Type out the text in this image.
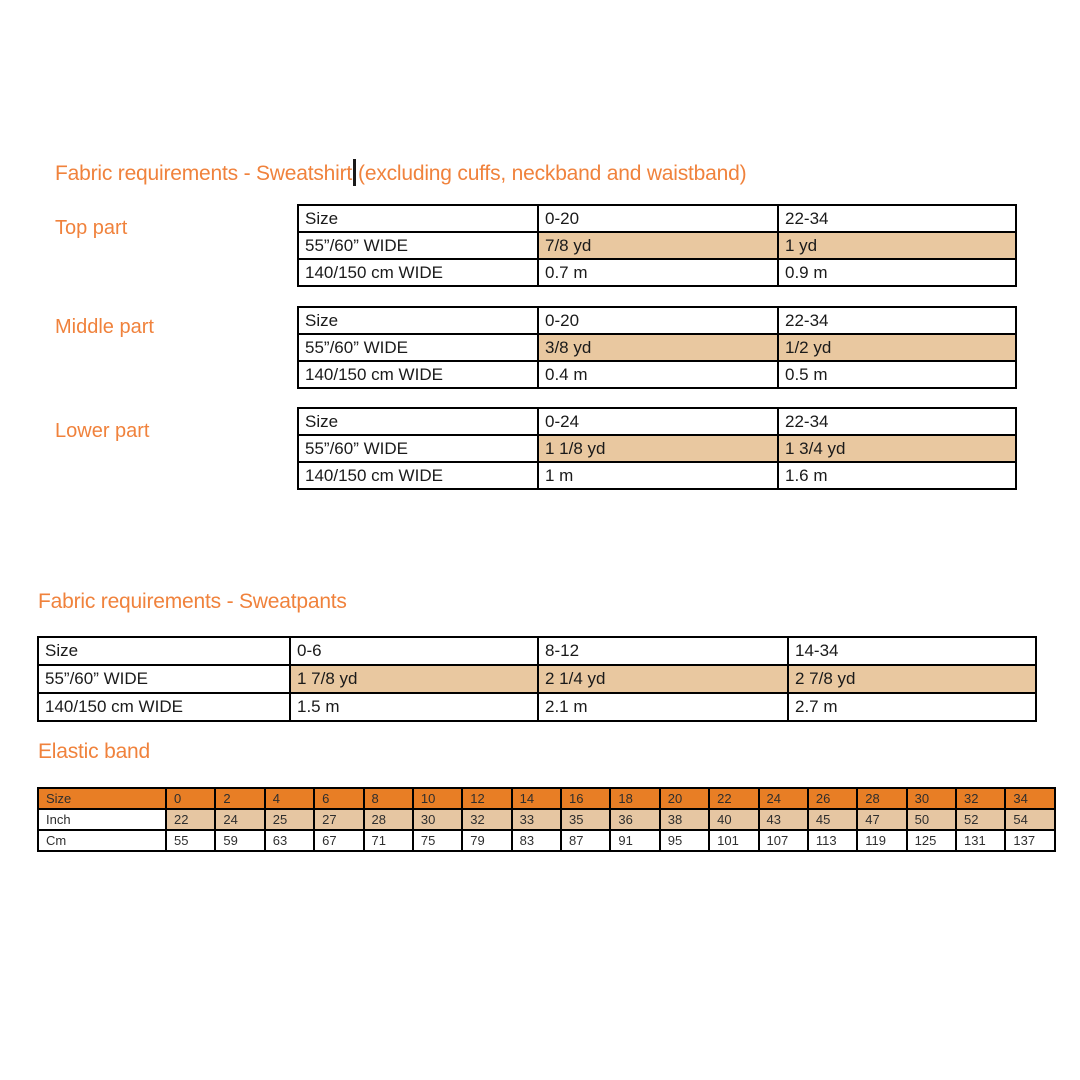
Fabric requirements - Sweatshirt (excluding cuffs, neckband and waistband)
Top part
Middle part
Lower part
Size	0-20	22-34
55”/60” WIDE	7/8 yd	1 yd
140/150 cm WIDE	0.7 m	0.9 m
Size	0-20	22-34
55”/60” WIDE	3/8 yd	1/2 yd
140/150 cm WIDE	0.4 m	0.5 m
Size	0-24	22-34
55”/60” WIDE	1 1/8 yd	1 3/4 yd
140/150 cm WIDE	1 m	1.6 m
Fabric requirements - Sweatpants
Size	0-6	8-12	14-34
55”/60” WIDE	1 7/8 yd	2 1/4 yd	2 7/8 yd
140/150 cm WIDE	1.5 m	2.1 m	2.7 m
Elastic band
Size	0	2	4	6	8	10	12	14	16	18	20	22	24	26	28	30	32	34
Inch	22	24	25	27	28	30	32	33	35	36	38	40	43	45	47	50	52	54
Cm	55	59	63	67	71	75	79	83	87	91	95	101	107	113	119	125	131	137
